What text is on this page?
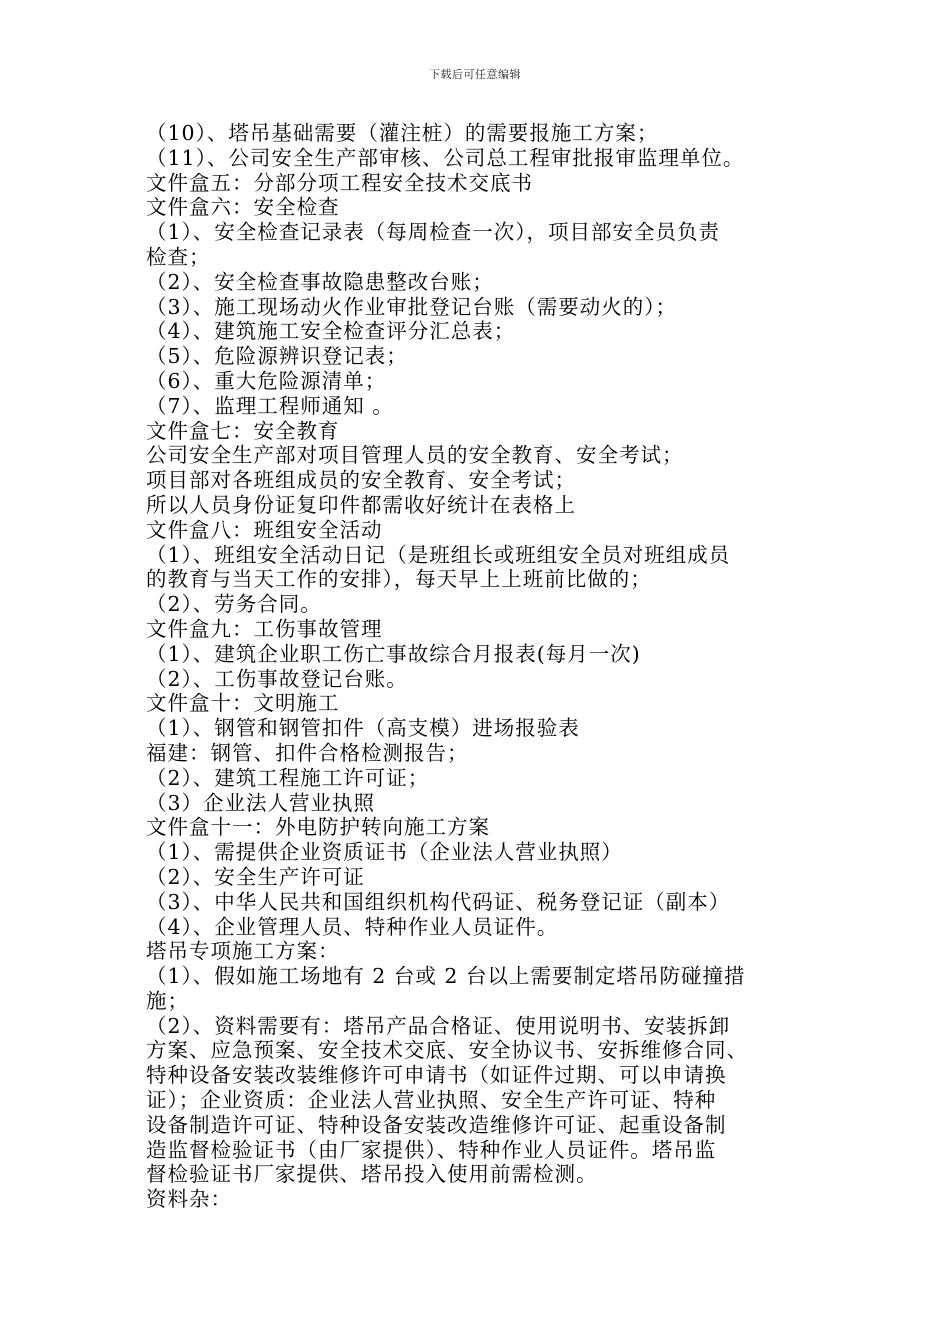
下载后可任意编辑
（10）、塔吊基础需要（灌注桩）的需要报施工方案；
（11）、公司安全生产部审核、公司总工程审批报审监理单位。
文件盒五：分部分项工程安全技术交底书
文件盒六：安全检查
（1）、安全检查记录表（每周检查一次），项目部安全员负责
检查；
（2）、安全检查事故隐患整改台账；
（3）、施工现场动火作业审批登记台账（需要动火的）；
（4）、建筑施工安全检查评分汇总表；
（5）、危险源辨识登记表；
（6）、重大危险源清单；
（7）、监理工程师通知 。
文件盒七：安全教育
公司安全生产部对项目管理人员的安全教育、安全考试；
项目部对各班组成员的安全教育、安全考试；
所以人员身份证复印件都需收好统计在表格上
文件盒八：班组安全活动
（1）、班组安全活动日记（是班组长或班组安全员对班组成员
的教育与当天工作的安排），每天早上上班前比做的；
（2）、劳务合同。
文件盒九：工伤事故管理
（1）、建筑企业职工伤亡事故综合月报表(每月一次)
（2）、工伤事故登记台账。
文件盒十：文明施工
（1）、钢管和钢管扣件（高支模）进场报验表
福建：钢管、扣件合格检测报告；
（2）、建筑工程施工许可证；
（3）企业法人营业执照
文件盒十一：外电防护转向施工方案
（1）、需提供企业资质证书（企业法人营业执照）
（2）、安全生产许可证
（3）、中华人民共和国组织机构代码证、税务登记证（副本）
（4）、企业管理人员、特种作业人员证件。
塔吊专项施工方案：
（1）、假如施工场地有 2 台或 2 台以上需要制定塔吊防碰撞措
施；
（2）、资料需要有：塔吊产品合格证、使用说明书、安装拆卸
方案、应急预案、安全技术交底、安全协议书、安拆维修合同、
特种设备安装改装维修许可申请书（如证件过期、可以申请换
证）；企业资质：企业法人营业执照、安全生产许可证、特种
设备制造许可证、特种设备安装改造维修许可证、起重设备制
造监督检验证书（由厂家提供）、特种作业人员证件。塔吊监
督检验证书厂家提供、塔吊投入使用前需检测。
资料杂：
